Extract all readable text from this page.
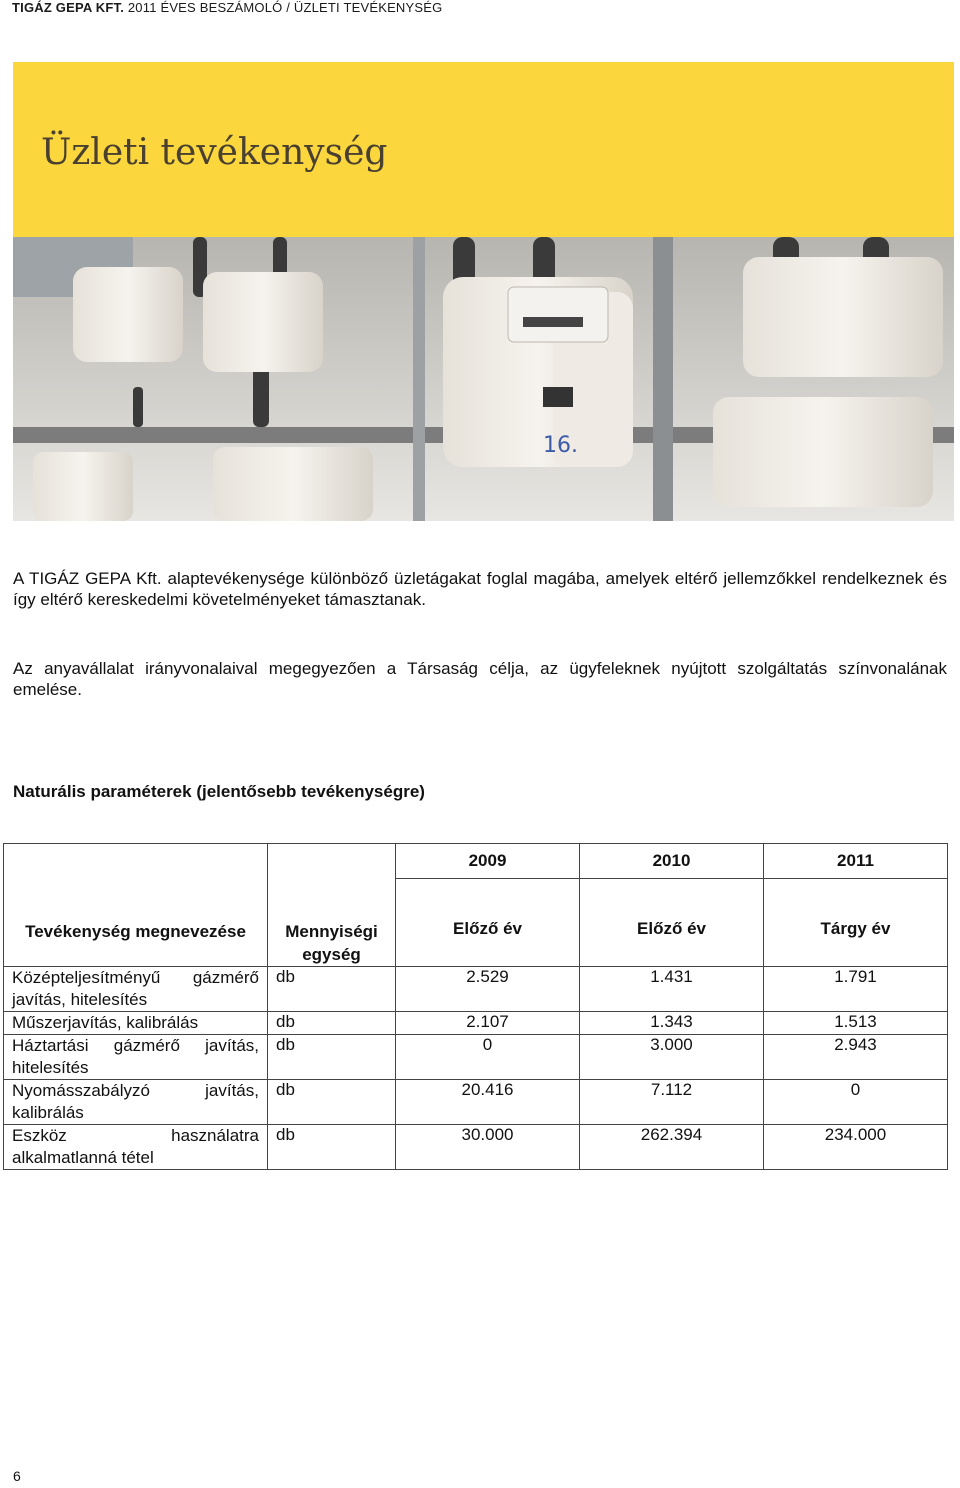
TIGÁZ GEPA KFT. 2011 ÉVES BESZÁMOLÓ / ÜZLETI TEVÉKENYSÉG
Üzleti tevékenység
16.

A TIGÁZ GEPA Kft. alaptevékenysége különböző üzletágakat foglal magába, amelyek eltérő jellemzőkkel rendelkeznek és így eltérő kereskedelmi követelményeket támasztanak.

Az anyavállalat irányvonalaival megegyezően a Társaság célja, az ügyfeleknek nyújtott szolgáltatás színvonalának emelése.

Naturális paraméterek (jelentősebb tevékenységre)
Tevékenység megnevezése	Mennyiségi egység	2009	2010	2011
		Előző év	Előző év	Tárgy év
Középteljesítményű gázmérő javítás, hitelesítés	db	2.529	1.431	1.791
Műszerjavítás, kalibrálás	db	2.107	1.343	1.513
Háztartási gázmérő javítás, hitelesítés	db	0	3.000	2.943
Nyomásszabályzó javítás, kalibrálás	db	20.416	7.112	0
Eszköz használatra alkalmatlanná tétel	db	30.000	262.394	234.000
6
